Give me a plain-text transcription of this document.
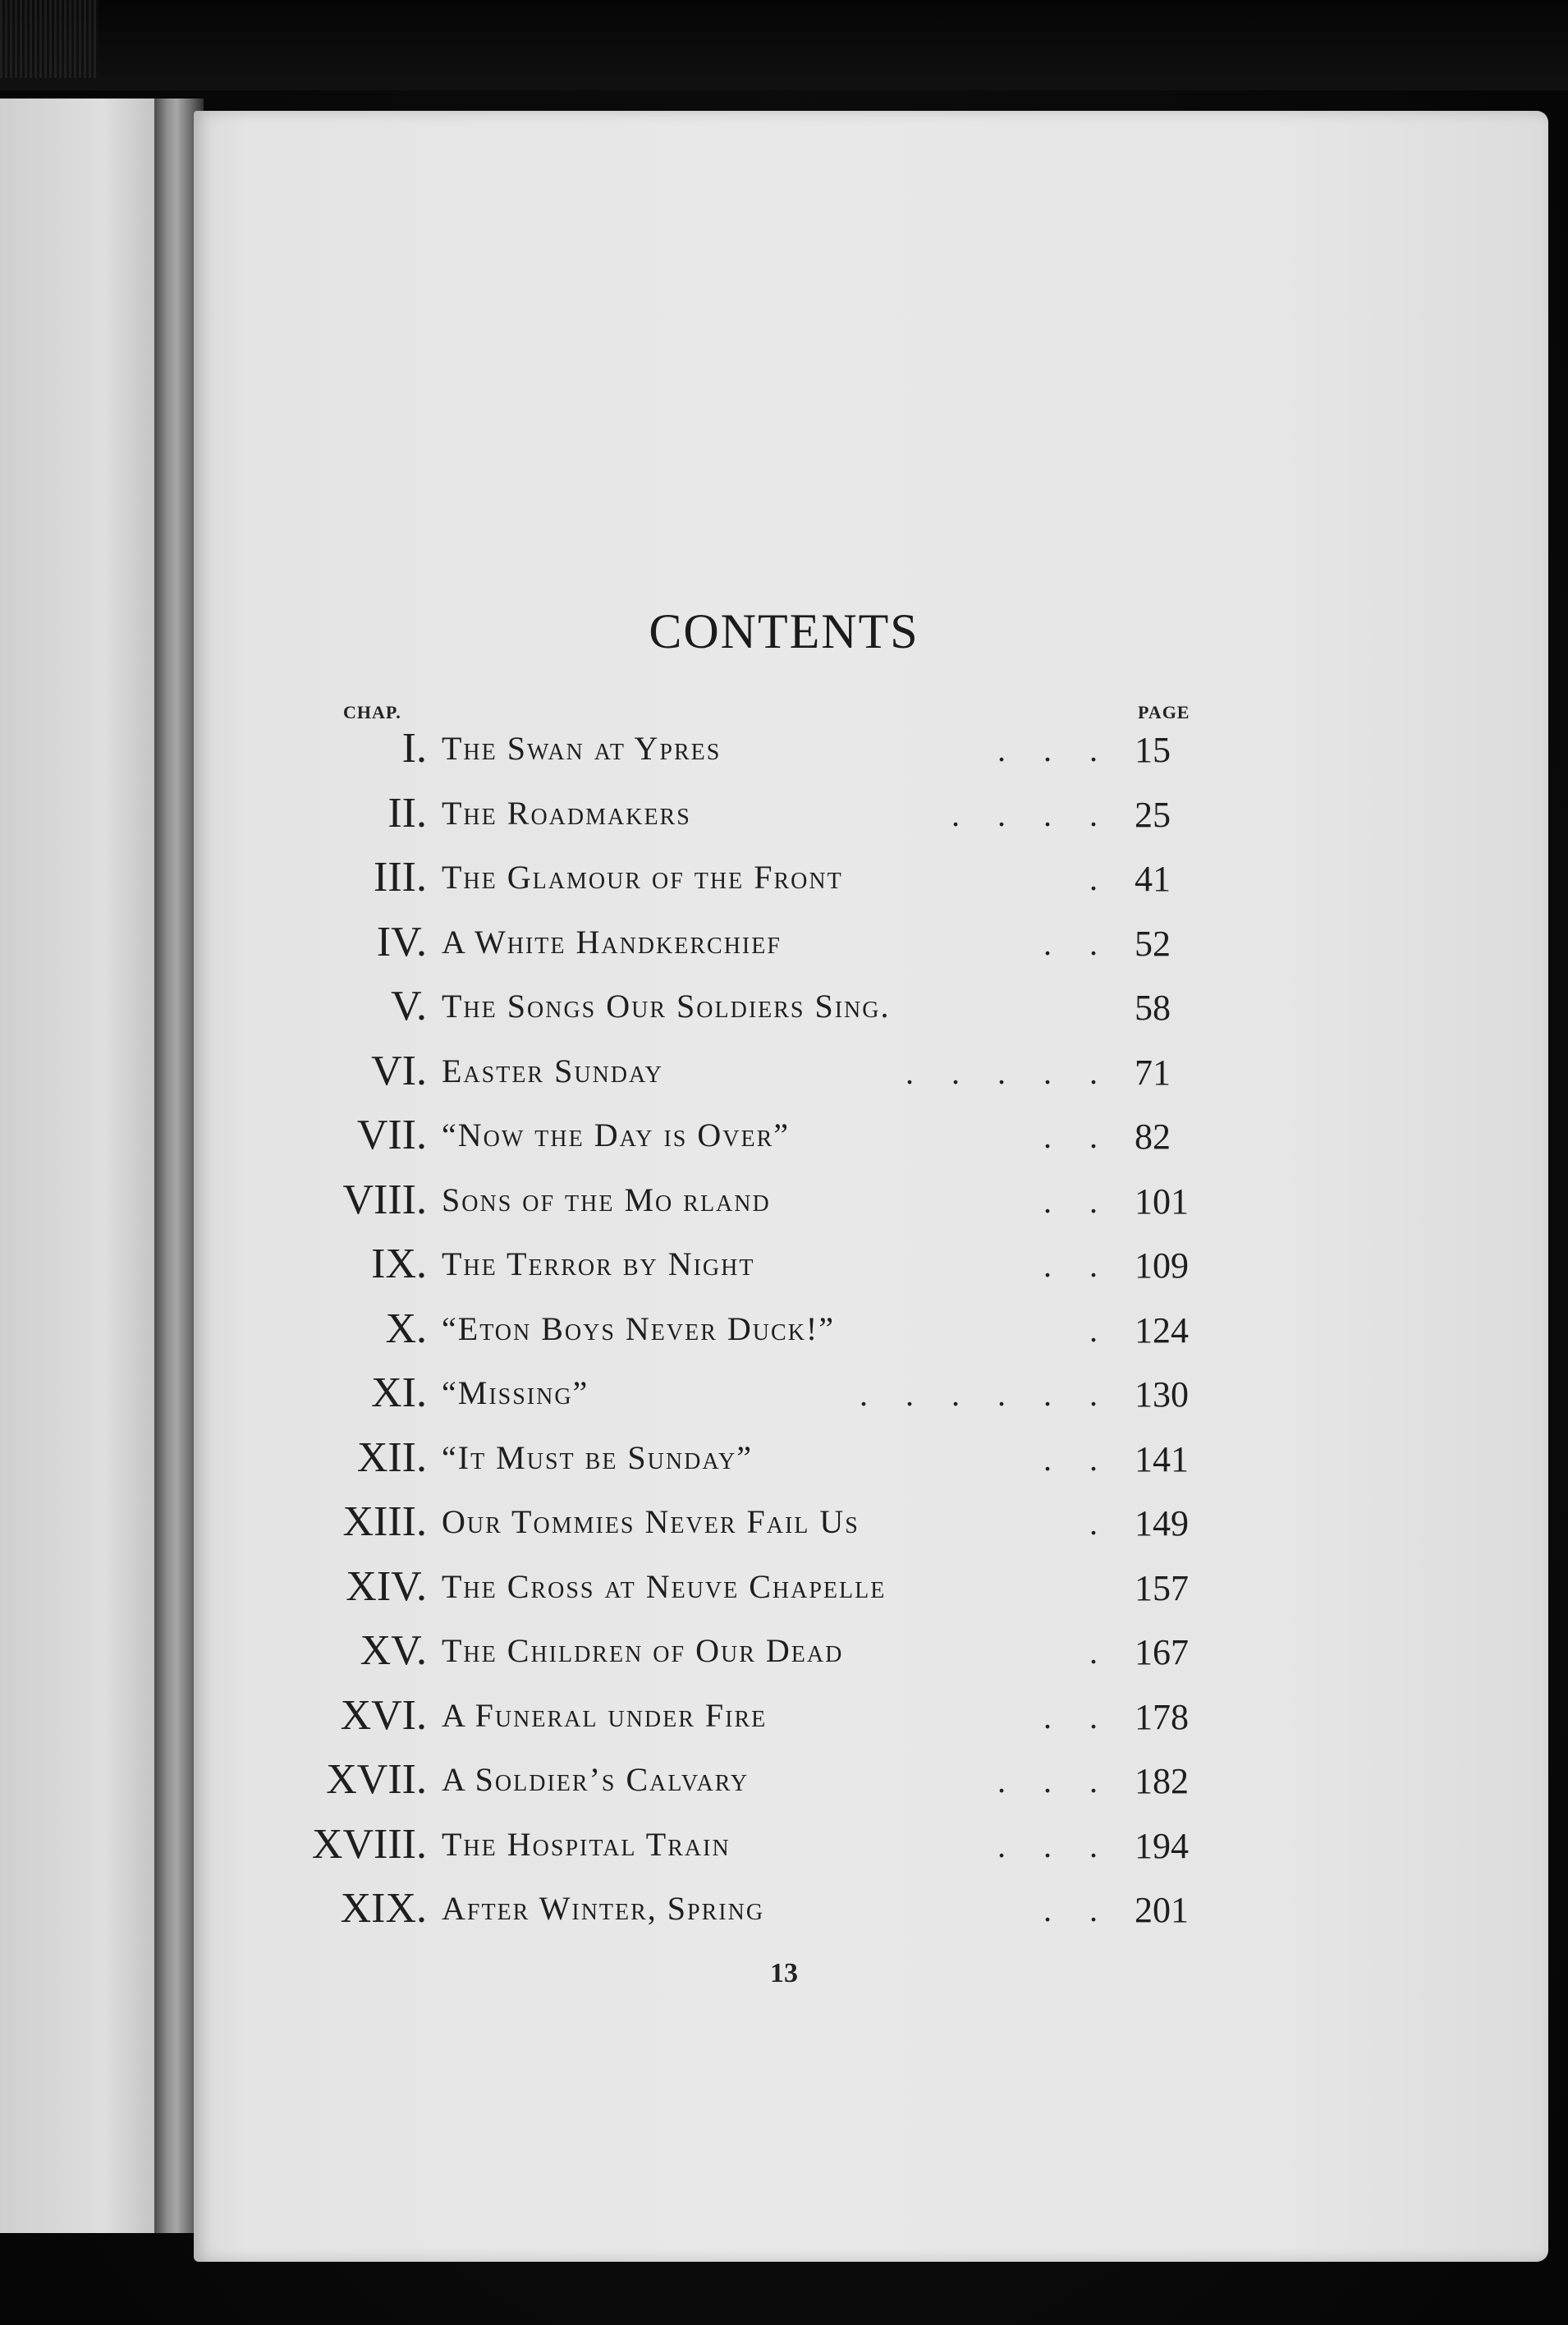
CONTENTS
CHAP.	PAGE
I. The Swan at Ypres	. . . 15
II. The Roadmakers	. . . . 25
III. The Glamour of the Front	. 41
IV. A White Handkerchief	. . 52
V. The Songs Our Soldiers Sing.	58
VI. Easter Sunday	. . . . . 71
VII. “Now the Day is Over”	. . 82
VIII. Sons of the Mo rland	. . 101
IX. The Terror by Night	. . 109
X. “Eton Boys Never Duck!”	. 124
XI. “Missing”	. . . . . . 130
XII. “It Must be Sunday”	. . 141
XIII. Our Tommies Never Fail Us	. 149
XIV. The Cross at Neuve Chapelle	157
XV. The Children of Our Dead	. 167
XVI. A Funeral under Fire	. . 178
XVII. A Soldier’s Calvary	. . . 182
XVIII. The Hospital Train	. . . 194
XIX. After Winter, Spring	. . 201
13
